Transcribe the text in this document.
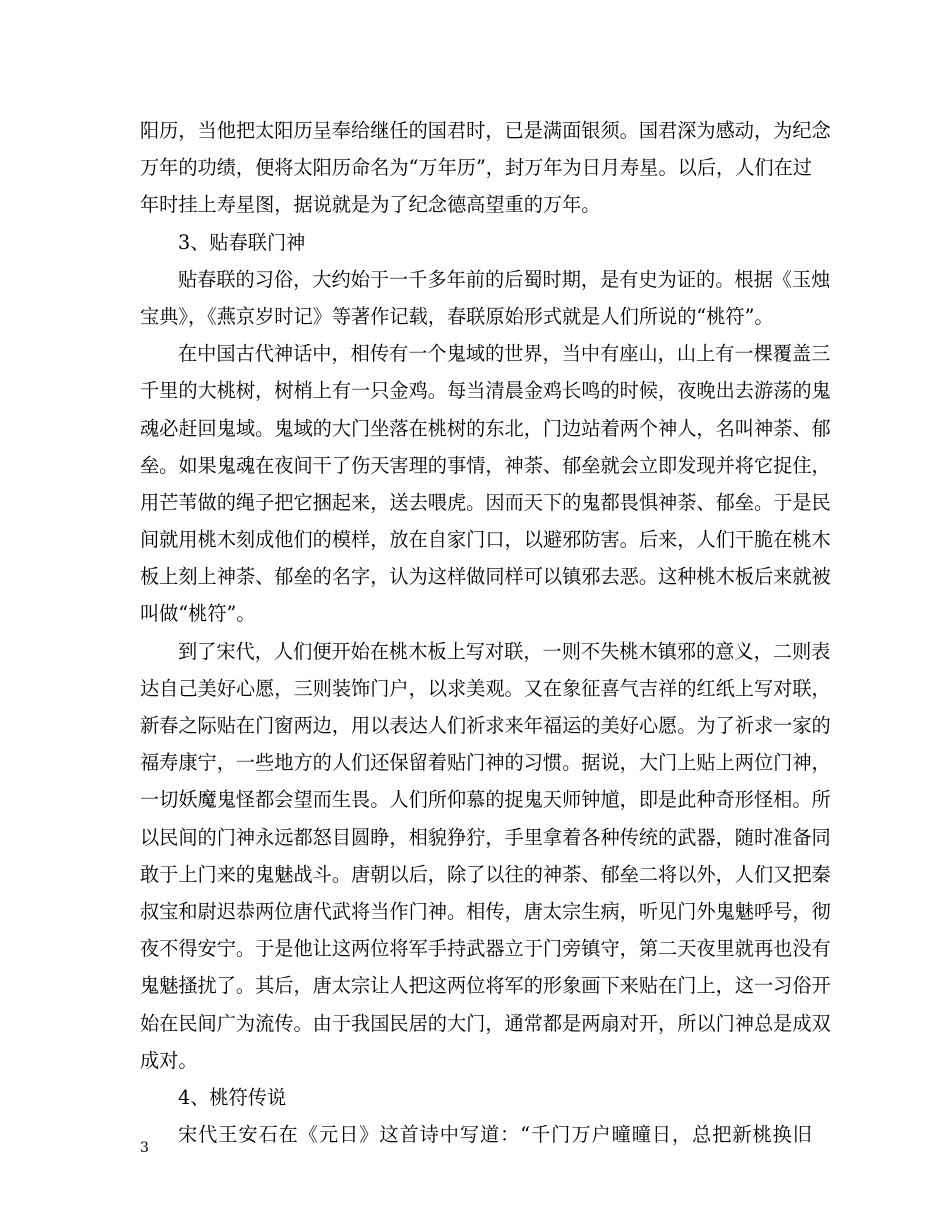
阳历，当他把太阳历呈奉给继任的国君时，已是满面银须。国君深为感动，为纪念
万年的功绩，便将太阳历命名为“万年历”，封万年为日月寿星。以后，人们在过
年时挂上寿星图，据说就是为了纪念德高望重的万年。
3、贴春联门神
贴春联的习俗，大约始于一千多年前的后蜀时期，是有史为证的。根据《玉烛
宝典》，《燕京岁时记》等著作记载，春联原始形式就是人们所说的“桃符”。
在中国古代神话中，相传有一个鬼域的世界，当中有座山，山上有一棵覆盖三
千里的大桃树，树梢上有一只金鸡。每当清晨金鸡长鸣的时候，夜晚出去游荡的鬼
魂必赶回鬼域。鬼域的大门坐落在桃树的东北，门边站着两个神人，名叫神荼、郁
垒。如果鬼魂在夜间干了伤天害理的事情，神荼、郁垒就会立即发现并将它捉住，
用芒苇做的绳子把它捆起来，送去喂虎。因而天下的鬼都畏惧神荼、郁垒。于是民
间就用桃木刻成他们的模样，放在自家门口，以避邪防害。后来，人们干脆在桃木
板上刻上神荼、郁垒的名字，认为这样做同样可以镇邪去恶。这种桃木板后来就被
叫做“桃符”。
到了宋代，人们便开始在桃木板上写对联，一则不失桃木镇邪的意义，二则表
达自己美好心愿，三则装饰门户，以求美观。又在象征喜气吉祥的红纸上写对联，
新春之际贴在门窗两边，用以表达人们祈求来年福运的美好心愿。为了祈求一家的
福寿康宁，一些地方的人们还保留着贴门神的习惯。据说，大门上贴上两位门神，
一切妖魔鬼怪都会望而生畏。人们所仰慕的捉鬼天师钟馗，即是此种奇形怪相。所
以民间的门神永远都怒目圆睁，相貌狰狞，手里拿着各种传统的武器，随时准备同
敢于上门来的鬼魅战斗。唐朝以后，除了以往的神荼、郁垒二将以外，人们又把秦
叔宝和尉迟恭两位唐代武将当作门神。相传，唐太宗生病，听见门外鬼魅呼号，彻
夜不得安宁。于是他让这两位将军手持武器立于门旁镇守，第二天夜里就再也没有
鬼魅搔扰了。其后，唐太宗让人把这两位将军的形象画下来贴在门上，这一习俗开
始在民间广为流传。由于我国民居的大门，通常都是两扇对开，所以门神总是成双
成对。
4、桃符传说
宋代王安石在《元日》这首诗中写道：“千门万户曈曈日，总把新桃换旧
3
